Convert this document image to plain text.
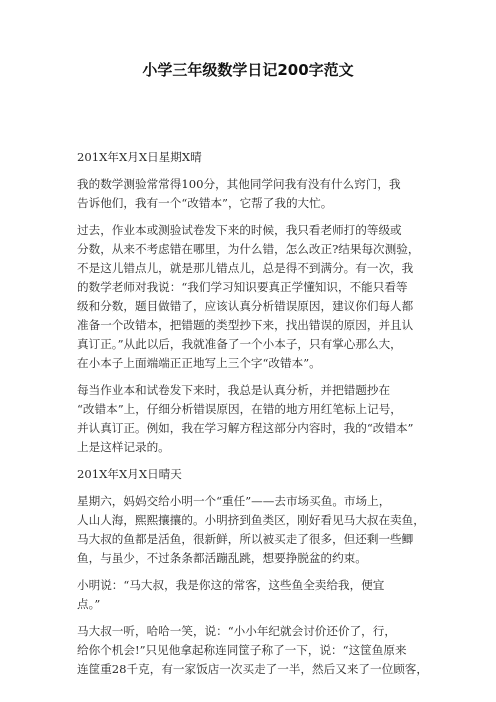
小学三年级数学日记200字范文

201X年X月X日星期X晴

我的数学测验常常得100分，其他同学问我有没有什么窍门，我
告诉他们，我有一个“改错本”，它帮了我的大忙。

过去，作业本或测验试卷发下来的时候，我只看老师打的等级或
分数，从来不考虑错在哪里，为什么错，怎么改正?结果每次测验，
不是这儿错点儿，就是那儿错点儿，总是得不到满分。有一次，我
的数学老师对我说：“我们学习知识要真正学懂知识，不能只看等
级和分数，题目做错了，应该认真分析错误原因，建议你们每人都
准备一个改错本，把错题的类型抄下来，找出错误的原因，并且认
真订正。”从此以后，我就准备了一个小本子，只有掌心那么大，
在小本子上面端端正正地写上三个字“改错本”。

每当作业本和试卷发下来时，我总是认真分析，并把错题抄在
“改错本”上，仔细分析错误原因，在错的地方用红笔标上记号，
并认真订正。例如，我在学习解方程这部分内容时，我的“改错本”
上是这样记录的。

201X年X月X日晴天

星期六，妈妈交给小明一个“重任”——去市场买鱼。市场上，
人山人海，熙熙攘攘的。小明挤到鱼类区，刚好看见马大叔在卖鱼，
马大叔的鱼都是活鱼，很新鲜，所以被买走了很多，但还剩一些鲫
鱼，与虽少，不过条条都活蹦乱跳，想要挣脱盆的约束。

小明说：“马大叔，我是你这的常客，这些鱼全卖给我，便宜
点。”

马大叔一听，哈哈一笑，说：“小小年纪就会讨价还价了，行，
给你个机会!”只见他拿起称连同筐子称了一下，说：“这筐鱼原来
连筐重28千克，有一家饭店一次买走了一半，然后又来了一位顾客，
